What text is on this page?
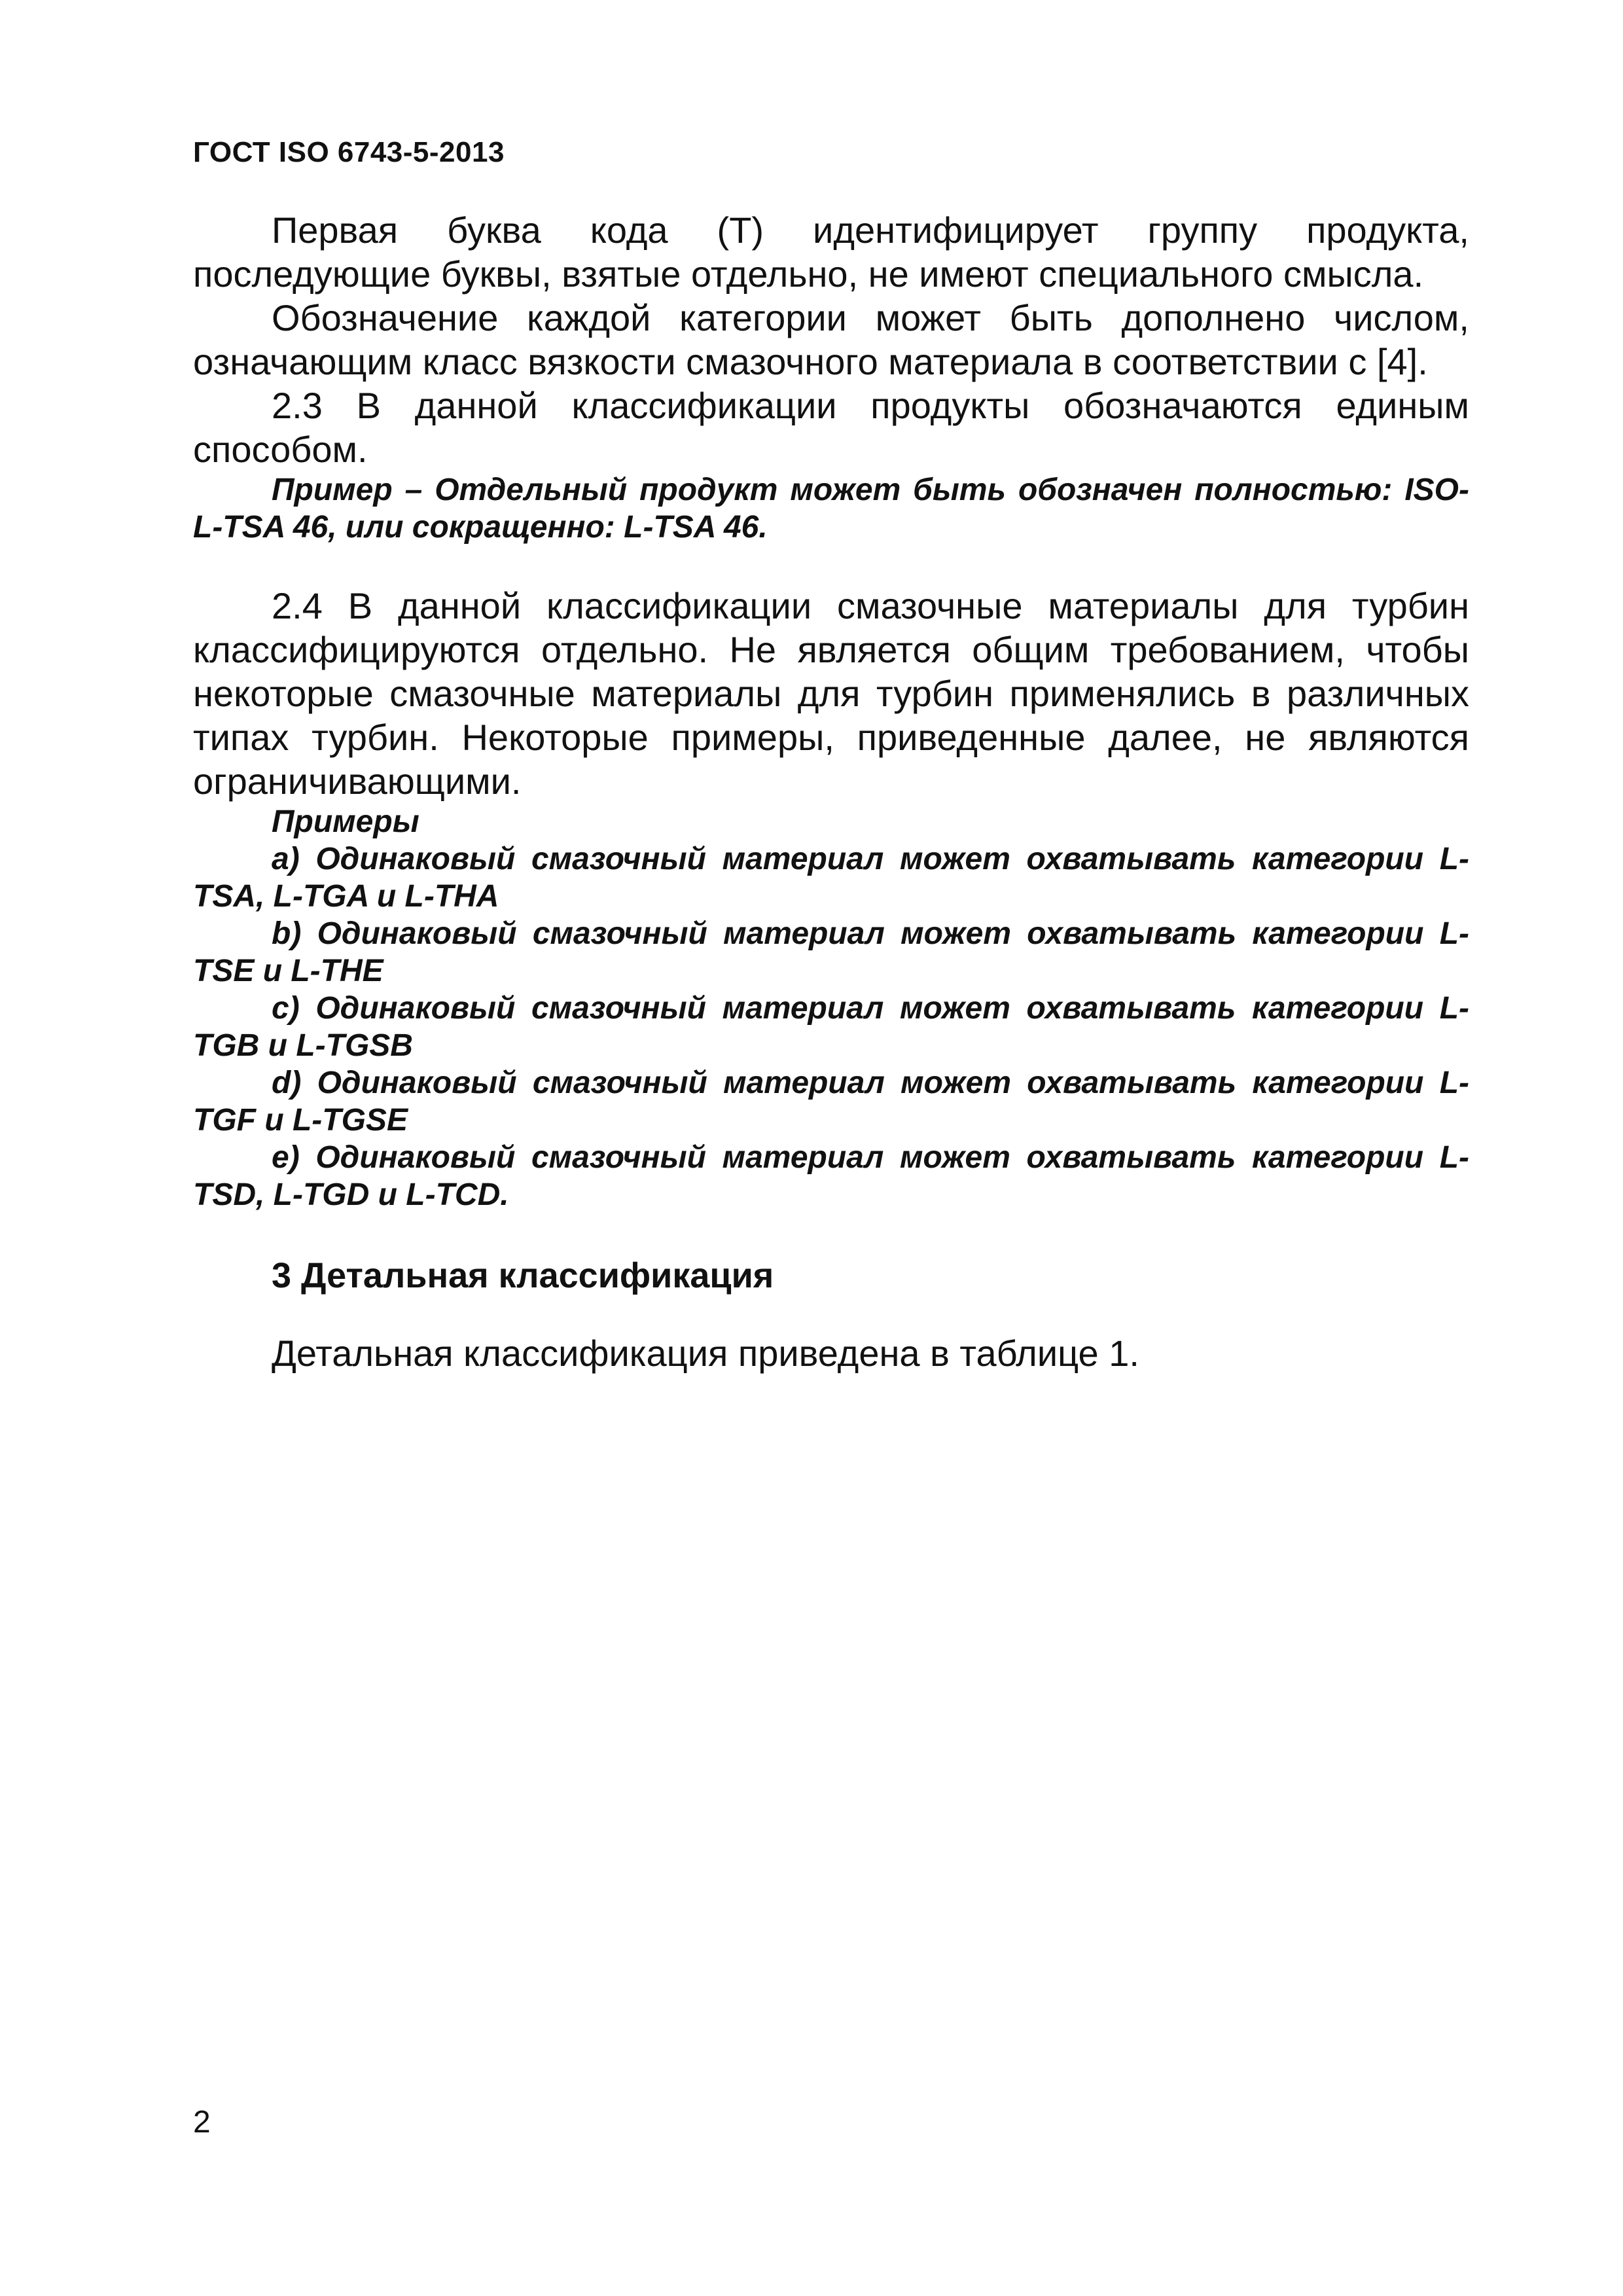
ГОСТ ISO 6743-5-2013

Первая буква кода (T) идентифицирует группу продукта, последующие буквы, взятые отдельно, не имеют специального смысла.

Обозначение каждой категории может быть дополнено числом, означающим класс вязкости смазочного материала в соответствии с [4].

2.3 В данной классификации продукты обозначаются единым способом.

Пример – Отдельный продукт может быть обозначен полностью: ISO-L-TSA 46, или сокращенно: L-TSA 46.

2.4 В данной классификации смазочные материалы для турбин классифицируются отдельно. Не является общим требованием, чтобы некоторые смазочные материалы для турбин применялись в различных типах турбин. Некоторые примеры, приведенные далее, не являются ограничивающими.

Примеры

a) Одинаковый смазочный материал может охватывать категории L-TSA, L-TGA и L-THA

b) Одинаковый смазочный материал может охватывать категории L-TSE и L-THE

c) Одинаковый смазочный материал может охватывать категории L-TGB и L-TGSB

d) Одинаковый смазочный материал может охватывать категории L-TGF и L-TGSE

e) Одинаковый смазочный материал может охватывать категории L-TSD, L-TGD и L-TCD.

3 Детальная классификация

Детальная классификация приведена в таблице 1.

2
